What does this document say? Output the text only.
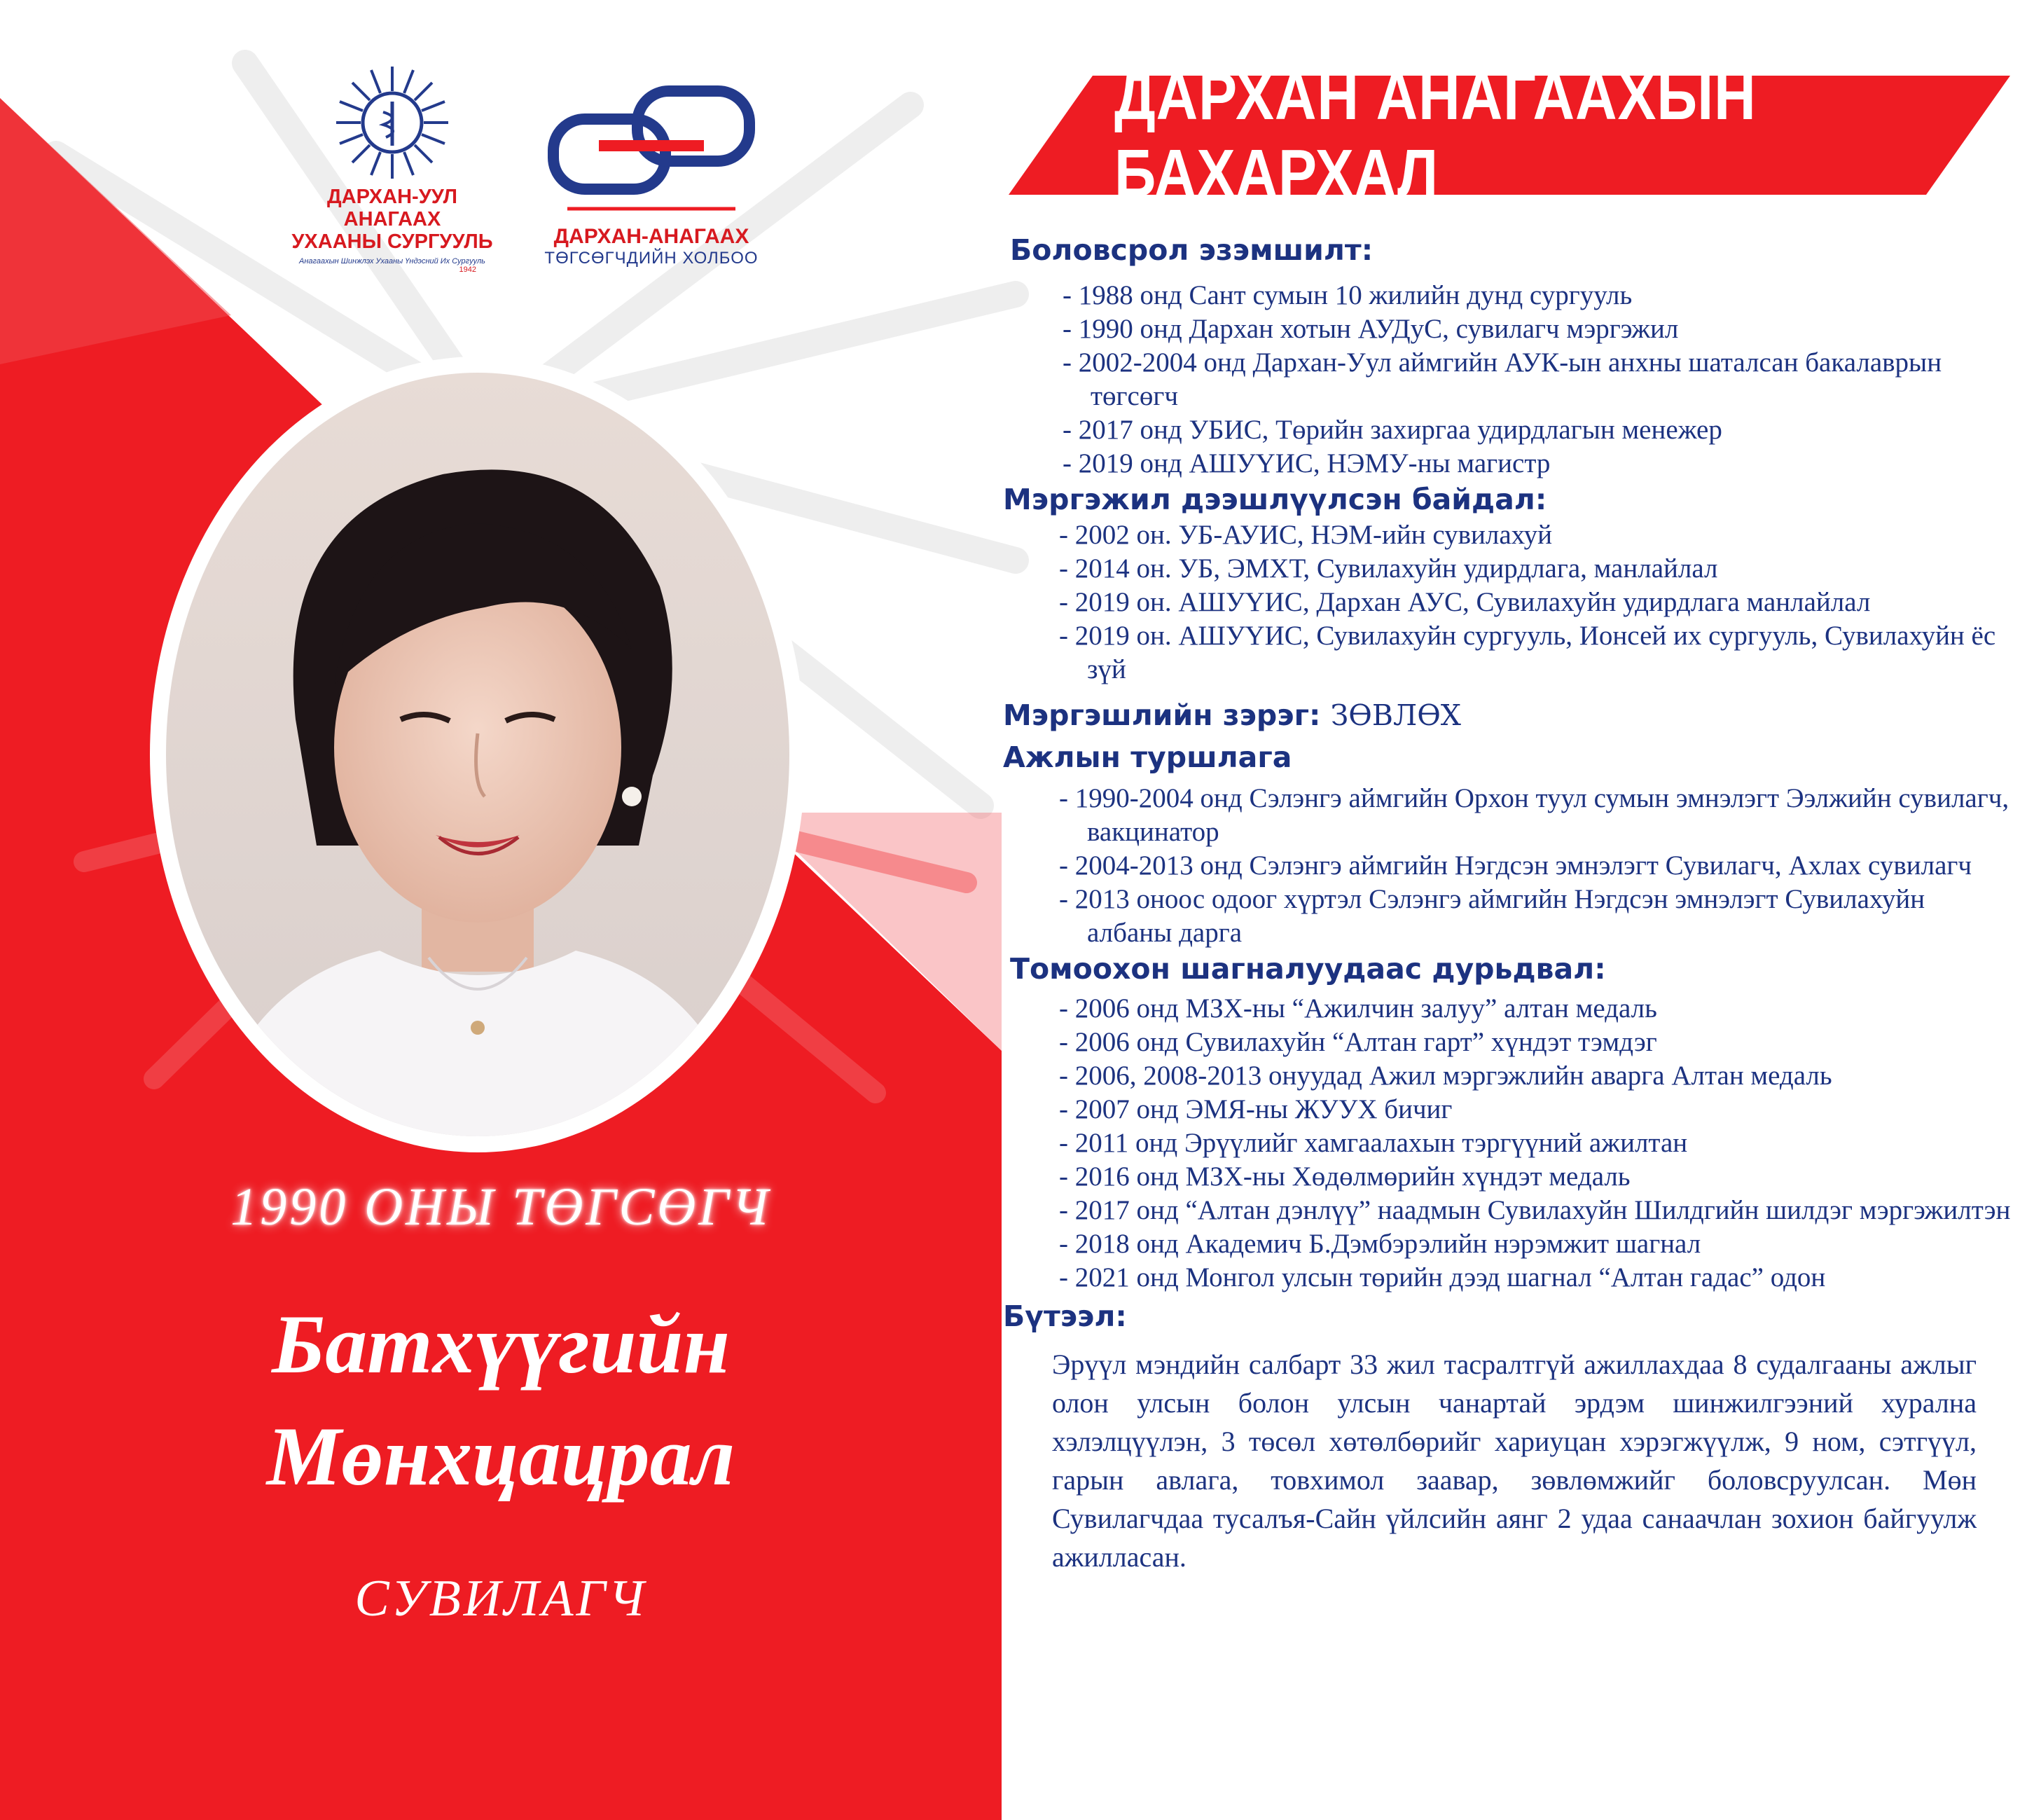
ДАРХАН-УУЛ АНАГААХ
УХААНЫ СУРГУУЛЬ
Анагаахын Шинжлэх Ухааны Үндэсний Их Сургууль
1942
ДАРХАН-АНАГААХ
ТӨГСӨГЧДИЙН ХОЛБОО
ДАРХАН АНАГААХЫН БАХАРХАЛ
1990 ОНЫ ТӨГСӨГЧ
Батхүүгийн
Мөнхцацрал
СУВИЛАГЧ
Боловсрол эзэмшилт:
- 1988 онд Сант сумын 10 жилийн дунд сургууль
- 1990 онд Дархан хотын АУДуС, сувилагч мэргэжил
- 2002-2004 онд Дархан-Уул аймгийн АУК-ын анхны шаталсан бакалаврын төгсөгч
- 2017 онд УБИС, Төрийн захиргаа удирдлагын менежер
- 2019 онд АШУҮИС, НЭМУ-ны магистр
Мэргэжил дээшлүүлсэн байдал:
- 2002 он. УБ-АУИС, НЭМ-ийн сувилахуй
- 2014 он. УБ, ЭМХТ, Сувилахуйн удирдлага, манлайлал
- 2019 он. АШУҮИС, Дархан АУС, Сувилахуйн удирдлага манлайлал
- 2019 он. АШУҮИС, Сувилахуйн сургууль, Ионсей их сургууль, Сувилахуйн ёс зүй
Мэргэшлийн зэрэг: ЗӨВЛӨХ
Ажлын туршлага
- 1990-2004 онд Сэлэнгэ аймгийн Орхон туул сумын эмнэлэгт Ээлжийн сувилагч, вакцинатор
- 2004-2013 онд Сэлэнгэ аймгийн Нэгдсэн эмнэлэгт Сувилагч, Ахлах сувилагч
- 2013 оноос одоог хүртэл Сэлэнгэ аймгийн Нэгдсэн эмнэлэгт Сувилахуйн албаны дарга
Томоохон шагналуудаас дурьдвал:
- 2006 онд МЗХ-ны “Ажилчин залуу” алтан медаль
- 2006 онд Сувилахуйн “Алтан гарт” хүндэт тэмдэг
- 2006, 2008-2013 онуудад Ажил мэргэжлийн аварга Алтан медаль
- 2007 онд ЭМЯ-ны ЖУУХ бичиг
- 2011 онд Эрүүлийг хамгаалахын тэргүүний ажилтан
- 2016 онд МЗХ-ны Хөдөлмөрийн хүндэт медаль
- 2017 онд “Алтан дэнлүү” наадмын Сувилахуйн Шилдгийн шилдэг мэргэжилтэн
- 2018 онд Академич Б.Дэмбэрэлийн нэрэмжит шагнал
- 2021 онд Монгол улсын төрийн дээд шагнал “Алтан гадас” одон
Бүтээл:
Эрүүл мэндийн салбарт 33 жил тасралтгүй ажиллахдаа 8 судалгааны ажлыг олон улсын болон улсын чанартай эрдэм шинжилгээний хурална хэлэлцүүлэн, 3 төсөл хөтөлбөрийг хариуцан хэрэгжүүлж, 9 ном, сэтгүүл, гарын авлага, товхимол заавар, зөвлөмжийг боловсруулсан. Мөн Сувилагчдаа тусалъя-Сайн үйлсийн аянг 2 удаа санаачлан зохион байгуулж ажилласан.
